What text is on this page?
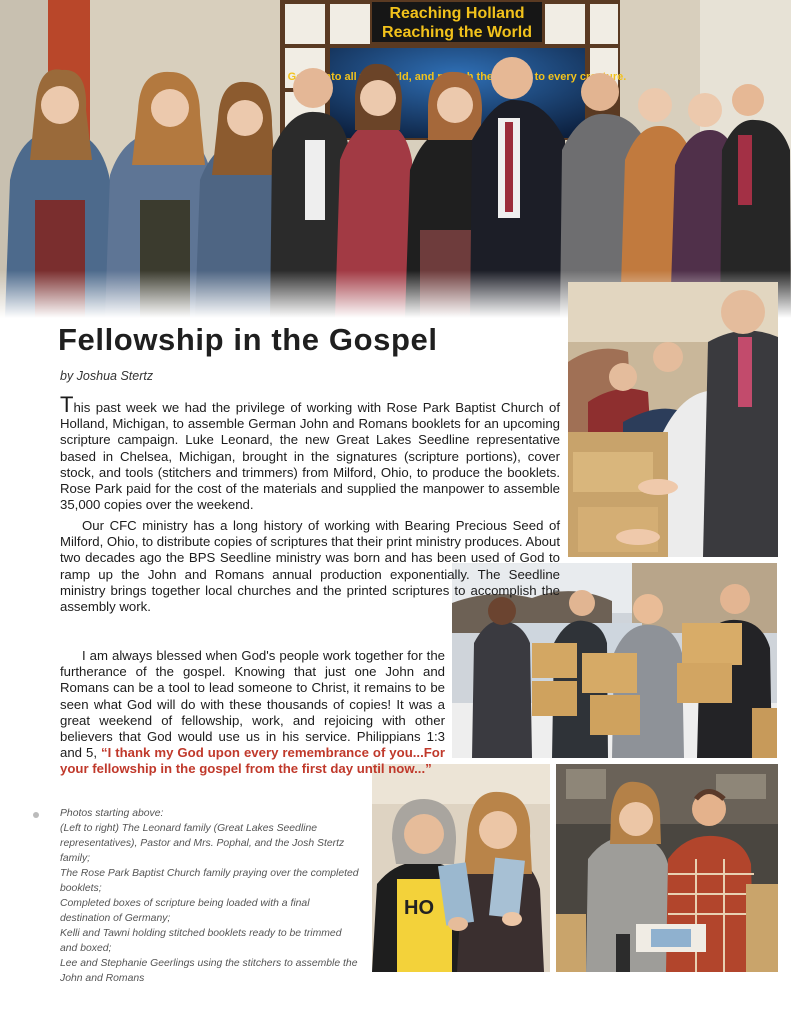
HO
Fellowship in the Gospel
by Joshua Stertz

This past week we had the privilege of working with Rose Park Baptist Church of Holland, Michigan, to assemble German John and Romans booklets for an upcoming scripture campaign. Luke Leonard, the new Great Lakes Seedline representative based in Chelsea, Michigan, brought in the signatures (scripture portions), cover stock, and tools (stitchers and trimmers) from Milford, Ohio, to produce the booklets. Rose Park paid for the cost of the materials and supplied the manpower to assemble 35,000 copies over the weekend.

Our CFC ministry has a long history of working with Bearing Precious Seed of Milford, Ohio, to distribute copies of scriptures that their print ministry produces. About two decades ago the BPS Seedline ministry was born and has been used of God to ramp up the John and Romans annual production exponentially. The Seedline ministry brings together local churches and the printed scriptures to accomplish the assembly work.

I am always blessed when God's people work together for the furtherance of the gospel. Knowing that just one John and Romans can be a tool to lead someone to Christ, it remains to be seen what God will do with these thousands of copies! It was a great weekend of fellowship, work, and rejoicing with other believers that God would use us in his service. Philippians 1:3 and 5, “I thank my God upon every remembrance of you...For your fellowship in the gospel from the first day until now...”

Photos starting above:
(Left to right) The Leonard family (Great Lakes Seedline representatives), Pastor and Mrs. Pophal, and the Josh Stertz family;
The Rose Park Baptist Church family praying over the completed booklets;
Completed boxes of scripture being loaded with a final destination of Germany;
Kelli and Tawni holding stitched booklets ready to be trimmed and boxed;
Lee and Stephanie Geerlings using the stitchers to assemble the John and Romans
